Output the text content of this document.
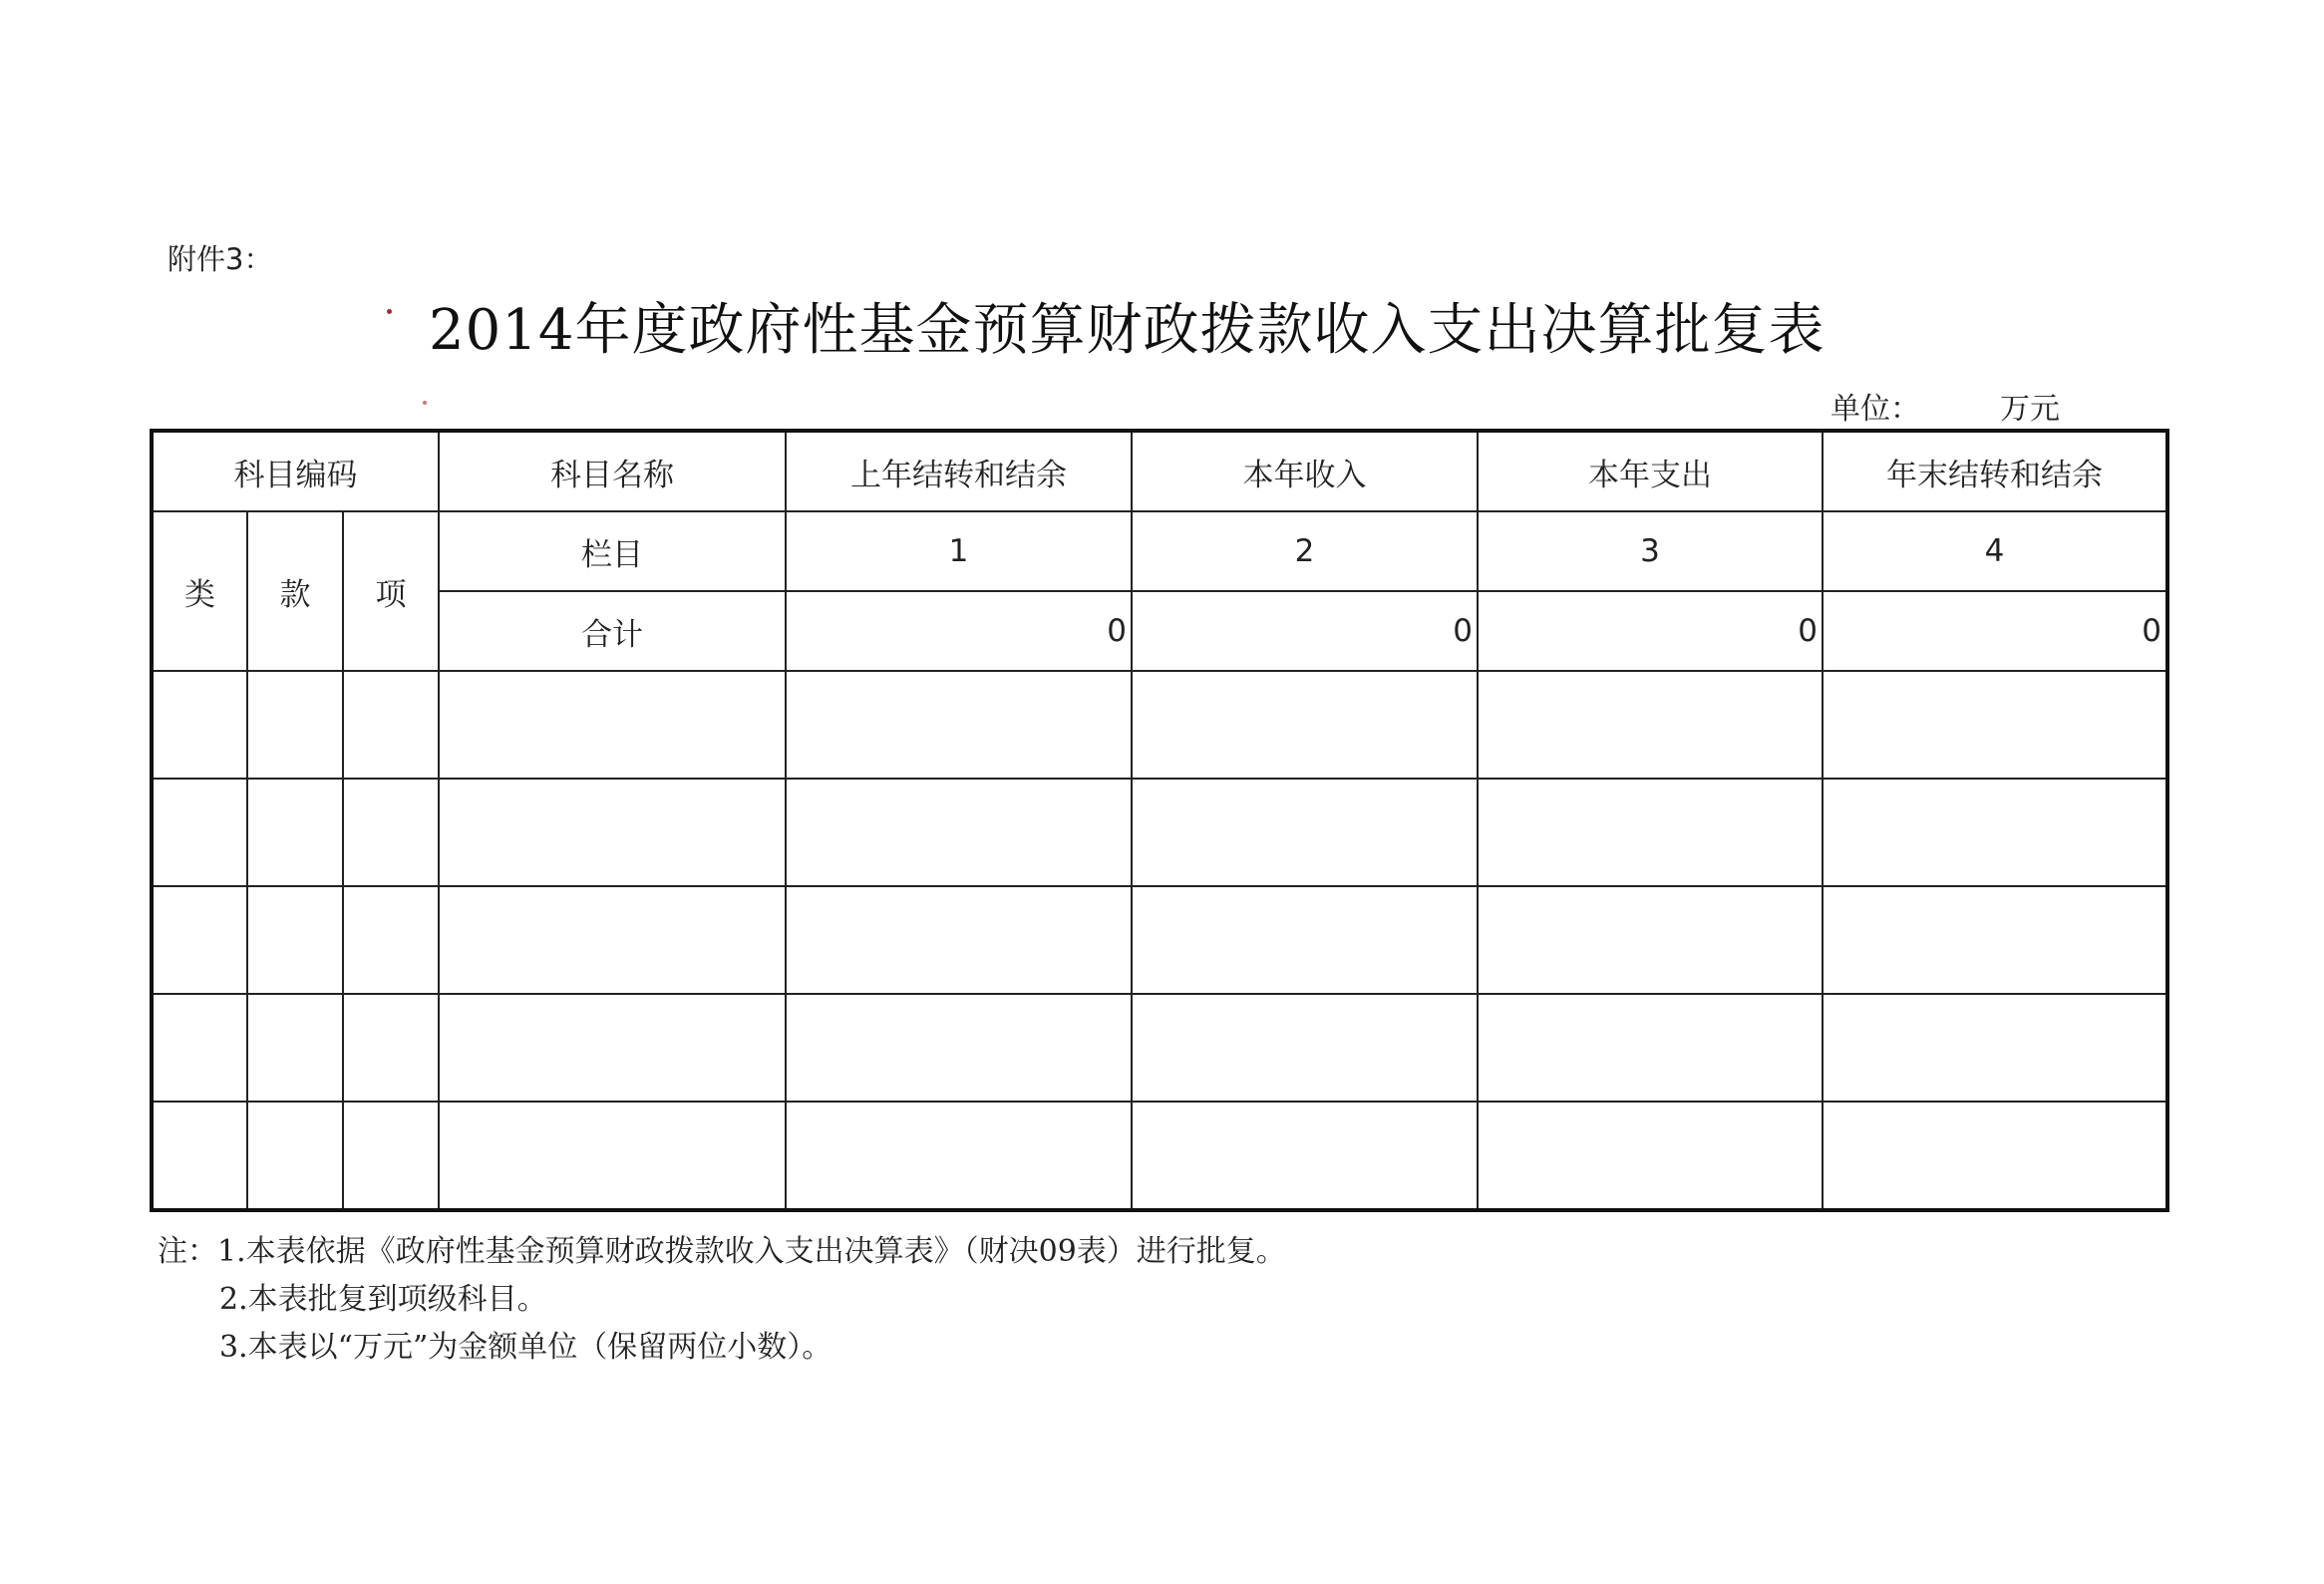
附件3：
2014年度政府性基金预算财政拨款收入支出决算批复表
单位：	万元
科目编码			科目名称	上年结转和结余	本年收入	本年支出	年末结转和结余
类	款	项	栏目	1	2	3	4
			合计	0	0	0	0

注：1.本表依据《政府性基金预算财政拨款收入支出决算表》（财决09表）进行批复。
2.本表批复到项级科目。
3.本表以“万元”为金额单位（保留两位小数）。
